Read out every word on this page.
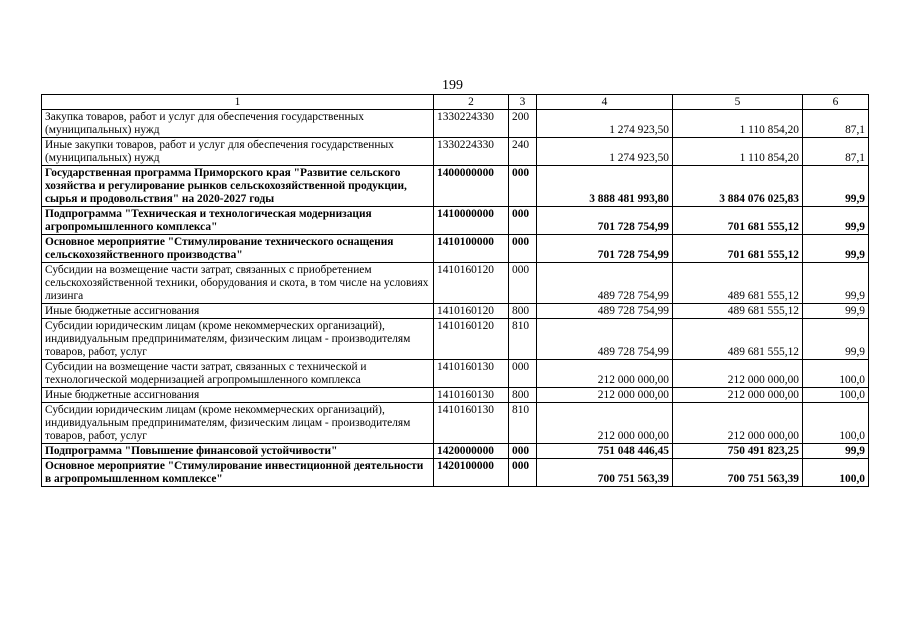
199
1	2	3	4	5	6
Закупка товаров, работ и услуг для обеспечения государственных (муниципальных) нужд	1330224330	200	1 274 923,50	1 110 854,20	87,1
Иные закупки товаров, работ и услуг для обеспечения государственных (муниципальных) нужд	1330224330	240	1 274 923,50	1 110 854,20	87,1
Государственная программа Приморского края "Развитие сельского хозяйства и регулирование рынков сельскохозяйственной продукции, сырья и продовольствия" на 2020-2027 годы	1400000000	000	3 888 481 993,80	3 884 076 025,83	99,9
Подпрограмма "Техническая и технологическая модернизация агропромышленного комплекса"	1410000000	000	701 728 754,99	701 681 555,12	99,9
Основное мероприятие "Стимулирование технического оснащения сельскохозяйственного производства"	1410100000	000	701 728 754,99	701 681 555,12	99,9
Субсидии на возмещение части затрат, связанных с приобретением сельскохозяйственной техники, оборудования и скота, в том числе на условиях лизинга	1410160120	000	489 728 754,99	489 681 555,12	99,9
Иные бюджетные ассигнования	1410160120	800	489 728 754,99	489 681 555,12	99,9
Субсидии юридическим лицам (кроме некоммерческих организаций), индивидуальным предпринимателям, физическим лицам - производителям товаров, работ, услуг	1410160120	810	489 728 754,99	489 681 555,12	99,9
Субсидии на возмещение части затрат, связанных с технической и технологической модернизацией агропромышленного комплекса	1410160130	000	212 000 000,00	212 000 000,00	100,0
Иные бюджетные ассигнования	1410160130	800	212 000 000,00	212 000 000,00	100,0
Субсидии юридическим лицам (кроме некоммерческих организаций), индивидуальным предпринимателям, физическим лицам - производителям товаров, работ, услуг	1410160130	810	212 000 000,00	212 000 000,00	100,0
Подпрограмма "Повышение финансовой устойчивости"	1420000000	000	751 048 446,45	750 491 823,25	99,9
Основное мероприятие "Стимулирование инвестиционной деятельности в агропромышленном комплексе"	1420100000	000	700 751 563,39	700 751 563,39	100,0
